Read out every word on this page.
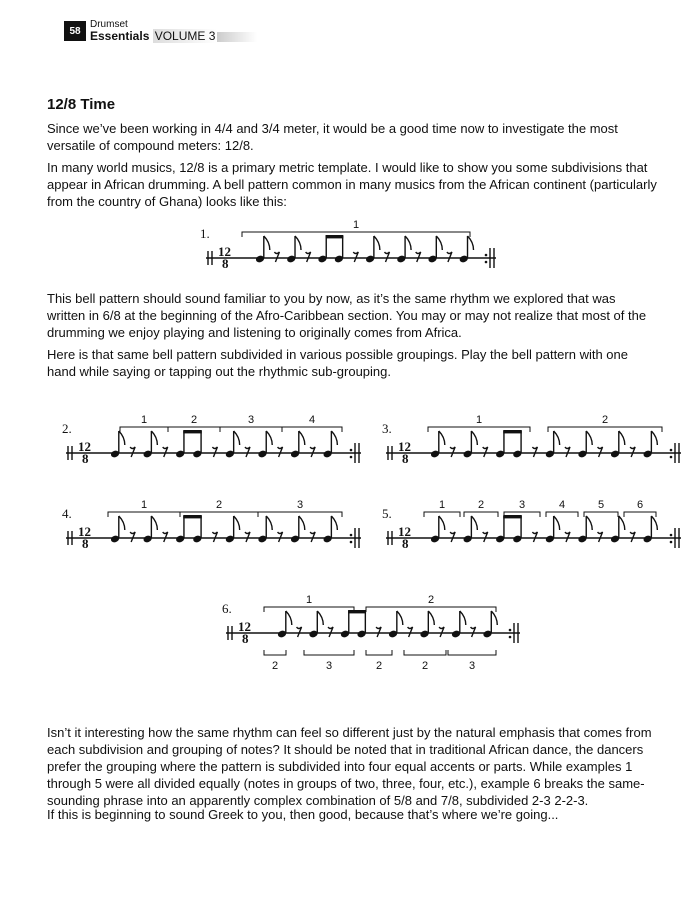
58
Drumset
Essentials VOLUME 3
12/8 Time

Since we’ve been working in 4/4 and 3/4 meter, it would be a good time now to investigate the most versatile of compound meters: 12/8.

In many world musics, 12/8 is a primary metric template. I would like to show you some subdivisions that appear in African drumming. A bell pattern common in many musics from the African continent (particularly from the country of Ghana) looks like this:

This bell pattern should sound familiar to you by now, as it’s the same rhythm we explored that was written in 6/8 at the beginning of the Afro-Caribbean section. You may or may not realize that most of the drumming we enjoy playing and listening to originally comes from Africa.

Here is that same bell pattern subdivided in various possible groupings. Play the bell pattern with one hand while saying or tapping out the rhythmic sub-grouping.

Isn’t it interesting how the same rhythm can feel so different just by the natural emphasis that comes from each subdivision and grouping of notes? It should be noted that in traditional African dance, the dancers prefer the grouping where the pattern is subdivided into four equal accents or parts. While examples 1 through 5 were all divided equally (notes in groups of two, three, four, etc.), example 6 breaks the same-sounding phrase into an apparently complex combination of 5/8 and 7/8, subdivided 2-3 2-2-3.

If this is beginning to sound Greek to you, then good, because that’s where we’re going...

1.
12
8
1
2.
12
8
1	2	3	4
3.
12
8
1	2
4.
12
8
1	2	3
5.
12
8
1	2	3	4	5	6
6.
12
8
1	2
2	3	2	2	3
